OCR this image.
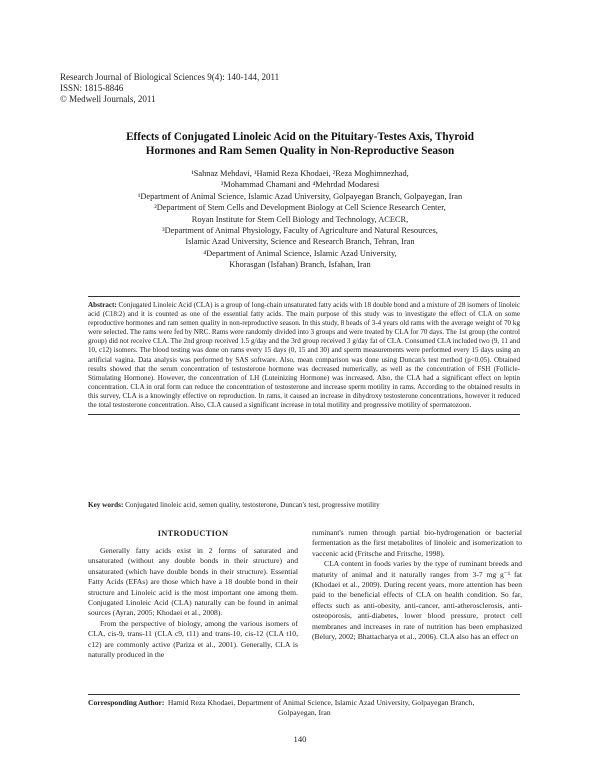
Research Journal of Biological Sciences 9(4): 140-144, 2011
ISSN: 1815-8846
© Medwell Journals, 2011
Effects of Conjugated Linoleic Acid on the Pituitary-Testes Axis, Thyroid
Hormones and Ram Semen Quality in Non-Reproductive Season
¹Sahnaz Mehdavi, ¹Hamid Reza Khodaei, ²Reza Moghimnezhad,
³Mohammad Chamani and ⁴Mehrdad Modaresi
¹Department of Animal Science, Islamic Azad University, Golpayegan Branch, Golpayegan, Iran
²Department of Stem Cells and Development Biology at Cell Science Research Center,
Royan Institute for Stem Cell Biology and Technology, ACECR,
³Department of Animal Physiology, Faculty of Agriculture and Natural Resources,
Islamic Azad University, Science and Research Branch, Tehran, Iran
⁴Department of Animal Science, Islamic Azad University,
Khorasgan (Isfahan) Branch, Isfahan, Iran
Abstract: Conjugated Linoleic Acid (CLA) is a group of long-chain unsaturated fatty acids with 18 double bond and a mixture of 28 isomers of linoleic acid (C18:2) and it is counted as one of the essential fatty acids. The main purpose of this study was to investigate the effect of CLA on some reproductive hormones and ram semen quality in non-reproductive season. In this study, 8 heads of 3-4 years old rams with the average weight of 70 kg were selected. The rams were fed by NRC. Rams were randomly divided into 3 groups and were treated by CLA for 70 days. The 1st group (the control group) did not receive CLA. The 2nd group received 1.5 g/day and the 3rd group received 3 g/day fat of CLA. Consumed CLA included two (9, 11 and 10, c12) isomers. The blood testing was done on rams every 15 days (0, 15 and 30) and sperm measurements were performed every 15 days using an artificial vagina. Data analysis was performed by SAS software. Also, mean comparison was done using Duncan's test method (p<0.05). Obtained results showed that the serum concentration of testosterone hormone was decreased numerically, as well as the concentration of FSH (Follicle-Stimulating Hormone). However, the concentration of LH (Luteinizing Hormone) was increased. Also, the CLA had a significant effect on leptin concentration. CLA in oral form can reduce the concentration of testosterone and increase sperm motility in rams. According to the obtained results in this survey, CLA is a knowingly effective on reproduction. In rams, it caused an increase in dihydroxy testosterone concentrations, however it reduced the total testosterone concentration. Also, CLA caused a significant increase in total motility and progressive motility of spermatozoon.
Key words: Conjugated linoleic acid, semen quality, testosterone, Duncan's test, progressive motility
INTRODUCTION

Generally fatty acids exist in 2 forms of saturated and unsaturated (without any double bonds in their structure) and unsaturated (which have double bonds in their structure). Essential Fatty Acids (EFAs) are those which have a 18 double bond in their structure and Linoleic acid is the most important one among them. Conjugated Linoleic Acid (CLA) naturally can be found in animal sources (Ayran, 2005; Khodaei et al., 2008).

From the perspective of biology, among the various isomers of CLA, cis-9, trans-11 (CLA c9, t11) and trans-10, cis-12 (CLA t10, c12) are commonly active (Pariza et al., 2001). Generally, CLA is naturally produced in the

ruminant's rumen through partial bio-hydrogenation or bacterial fermentation as the first metabolites of linoleic and isomerization to vaccenic acid (Fritsche and Fritsche, 1998).

CLA content in foods varies by the type of ruminant breeds and maturity of animal and it naturally ranges from 3-7 mg g⁻¹ fat (Khodaei et al., 2009). During recent years, more attention has been paid to the beneficial effects of CLA on health condition. So far, effects such as anti-obesity, anti-cancer, anti-atherosclerosis, anti-osteoporosis, anti-diabetes, lower blood pressure, protect cell membranes and increases in rate of nutrition has been emphasized (Belury, 2002; Bhattacharya et al., 2006). CLA also has an effect on

Corresponding Author: Hamid Reza Khodaei, Department of Animal Science, Islamic Azad University, Golpayegan Branch,
Golpayegan, Iran
140
